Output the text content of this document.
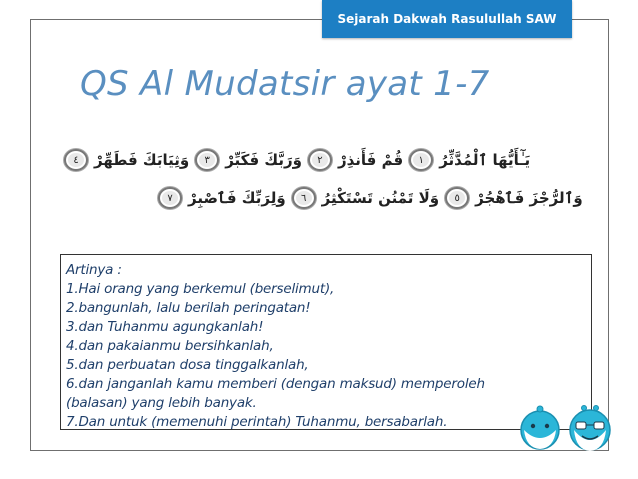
Sejarah Dakwah Rasulullah SAW
QS Al Mudatsir ayat 1-7
٤	وَثِيَابَكَ فَطَهِّرْ	٣	وَرَبَّكَ فَكَبِّرْ	٢	قُمْ فَأَنذِرْ	١	يَـٰٓأَيُّهَا ٱلْمُدَّثِّرُ
٧	وَلِرَبِّكَ فَٱصْبِرْ	٦	وَلَا تَمْنُن تَسْتَكْثِرُ	٥	وَٱلرُّجْزَ فَٱهْجُرْ
Artinya :
1.Hai orang yang berkemul (berselimut),
2.bangunlah, lalu berilah peringatan!
3.dan Tuhanmu agungkanlah!
4.dan pakaianmu bersihkanlah,
5.dan perbuatan dosa tinggalkanlah,
6.dan janganlah kamu memberi (dengan maksud) memperoleh
(balasan) yang lebih banyak.
7.Dan untuk (memenuhi perintah) Tuhanmu, bersabarlah.
